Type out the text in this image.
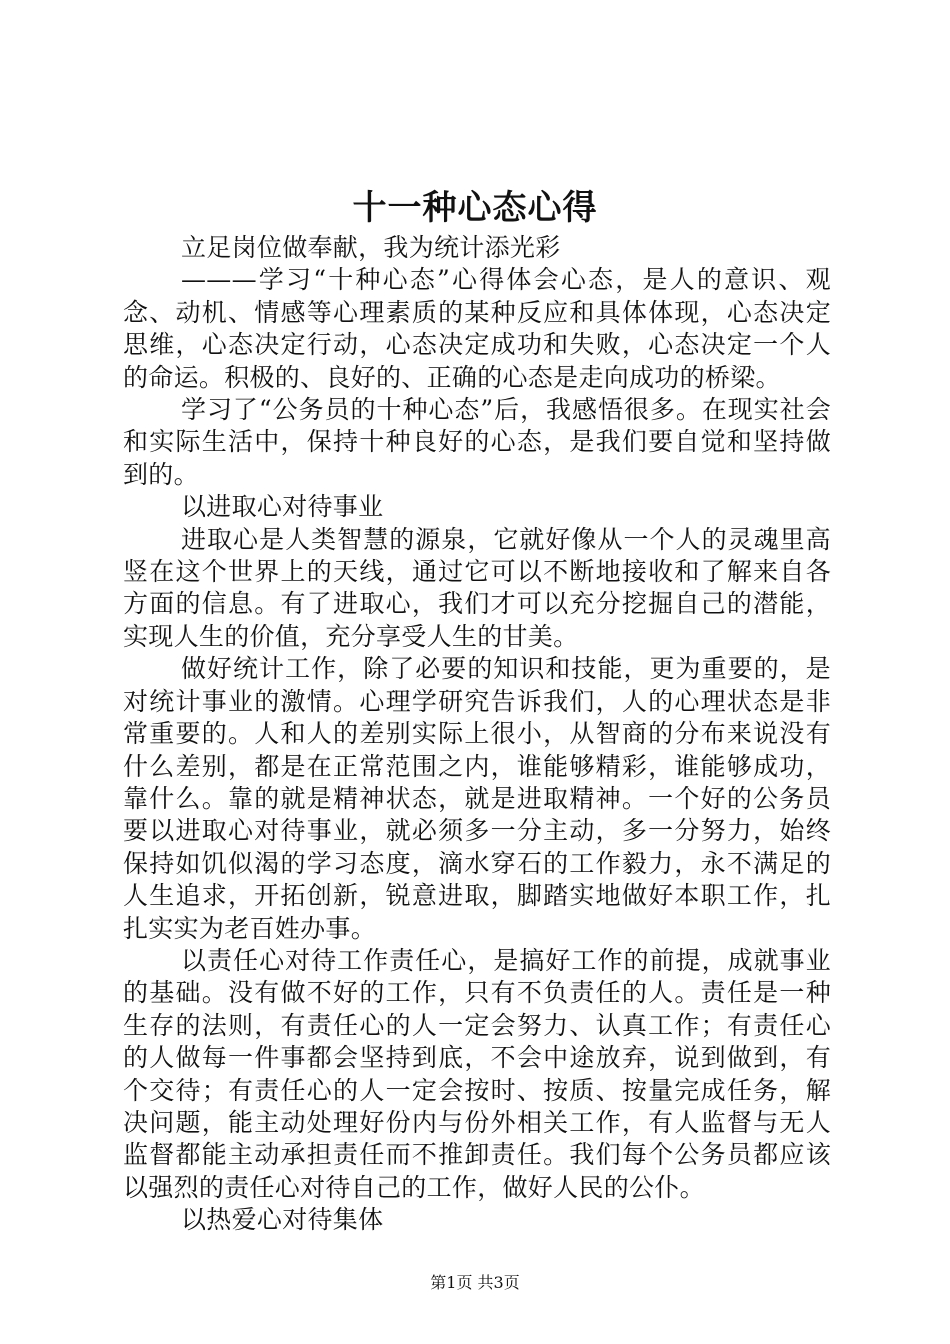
十一种心态心得

立足岗位做奉献，我为统计添光彩

———学习“十种心态”心得体会心态，是人的意识、观念、动机、情感等心理素质的某种反应和具体体现，心态决定思维，心态决定行动，心态决定成功和失败，心态决定一个人的命运。积极的、良好的、正确的心态是走向成功的桥梁。

学习了“公务员的十种心态”后，我感悟很多。在现实社会和实际生活中，保持十种良好的心态，是我们要自觉和坚持做到的。

以进取心对待事业

进取心是人类智慧的源泉，它就好像从一个人的灵魂里高竖在这个世界上的天线，通过它可以不断地接收和了解来自各方面的信息。有了进取心，我们才可以充分挖掘自己的潜能，实现人生的价值，充分享受人生的甘美。

做好统计工作，除了必要的知识和技能，更为重要的，是对统计事业的激情。心理学研究告诉我们，人的心理状态是非常重要的。人和人的差别实际上很小，从智商的分布来说没有什么差别，都是在正常范围之内，谁能够精彩，谁能够成功，靠什么。靠的就是精神状态，就是进取精神。一个好的公务员要以进取心对待事业，就必须多一分主动，多一分努力，始终保持如饥似渴的学习态度，滴水穿石的工作毅力，永不满足的人生追求，开拓创新，锐意进取，脚踏实地做好本职工作，扎扎实实为老百姓办事。

以责任心对待工作责任心，是搞好工作的前提，成就事业的基础。没有做不好的工作，只有不负责任的人。责任是一种生存的法则，有责任心的人一定会努力、认真工作；有责任心的人做每一件事都会坚持到底，不会中途放弃，说到做到，有个交待；有责任心的人一定会按时、按质、按量完成任务，解决问题，能主动处理好份内与份外相关工作，有人监督与无人监督都能主动承担责任而不推卸责任。我们每个公务员都应该以强烈的责任心对待自己的工作，做好人民的公仆。

以热爱心对待集体

第1页 共3页
